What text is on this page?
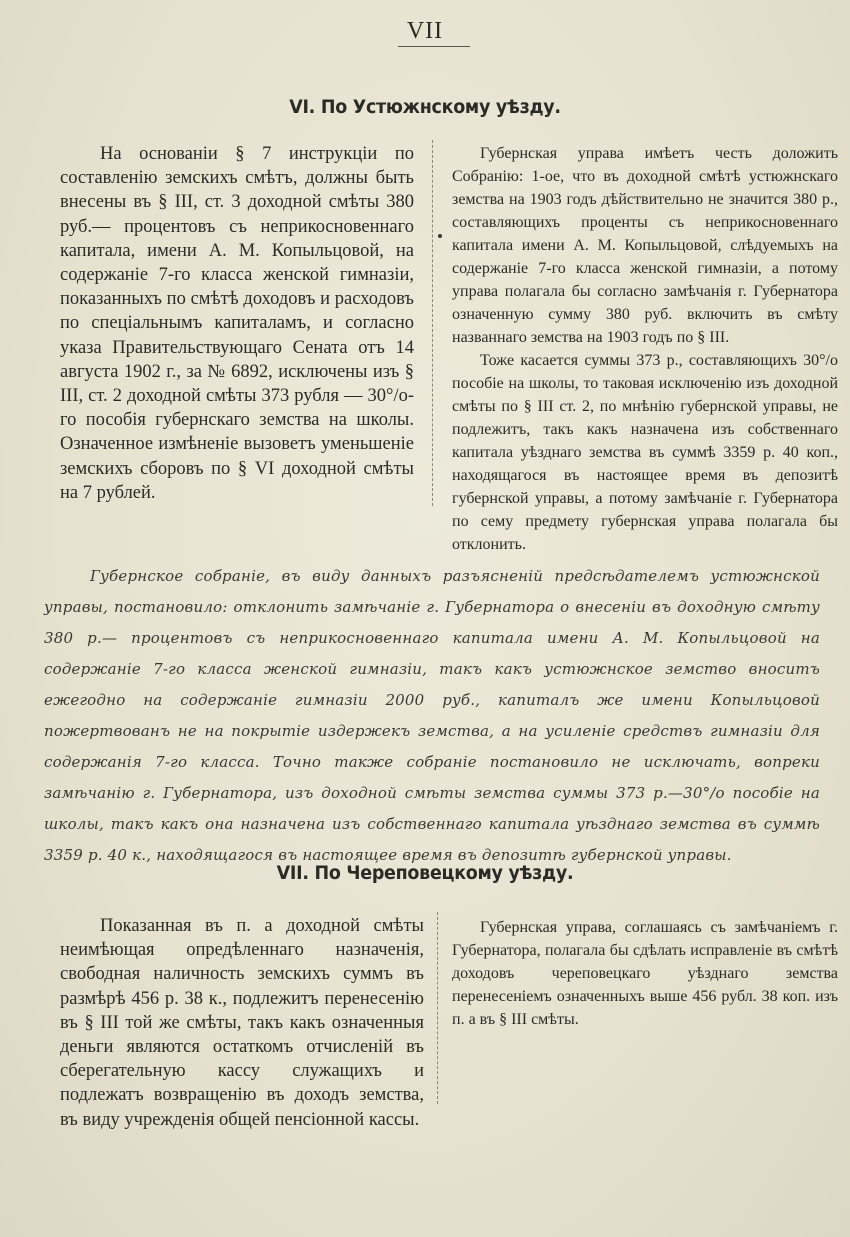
VII
VI. По Устюжнскому уѣзду.

На основаніи § 7 инструкціи по составленію земскихъ смѣтъ, должны быть внесены въ § III, ст. 3 доходной смѣты 380 руб.— процентовъ съ неприкосновеннаго капитала, имени А. М. Копыльцовой, на содержаніе 7-го класса женской гимназіи, показанныхъ по смѣтѣ доходовъ и расходовъ по спеціальнымъ капиталамъ, и согласно указа Правительствующаго Сената отъ 14 августа 1902 г., за № 6892, исключены изъ § III, ст. 2 доходной смѣты 373 рубля — 30°/о-го пособія губернскаго земства на школы. Означенное измѣненіе вызоветъ уменьшеніе земскихъ сборовъ по § VI доходной смѣты на 7 рублей.

Губернская управа имѣетъ честь доложить Собранію: 1-ое, что въ доходной смѣтѣ устюжнскаго земства на 1903 годъ дѣйствительно не значится 380 р., составляющихъ проценты съ неприкосновеннаго капитала имени А. М. Копыльцовой, слѣдуемыхъ на содержаніе 7-го класса женской гимназіи, а потому управа полагала бы согласно замѣчанія г. Губернатора означенную сумму 380 руб. включить въ смѣту названнаго земства на 1903 годъ по § III.

Тоже касается суммы 373 р., составляющихъ 30°/о пособіе на школы, то таковая исключенію изъ доходной смѣты по § III ст. 2, по мнѣнію губернской управы, не подлежитъ, такъ какъ назначена изъ собственнаго капитала уѣзднаго земства въ суммѣ 3359 р. 40 коп., находящагося въ настоящее время въ депозитѣ губернской управы, а потому замѣчаніе г. Губернатора по сему предмету губернская управа полагала бы отклонить.

Губернское собраніе, въ виду данныхъ разъясненій предсѣдателемъ устюжнской управы, постановило: отклонить замѣчаніе г. Губернатора о внесеніи въ доходную смѣту 380 р.— процентовъ съ неприкосновеннаго капитала имени А. М. Копыльцовой на содержаніе 7-го класса женской гимназіи, такъ какъ устюжнское земство вноситъ ежегодно на содержаніе гимназіи 2000 руб., капиталъ же имени Копыльцовой пожертвованъ не на покрытіе издержекъ земства, а на усиленіе средствъ гимназіи для содержанія 7-го класса. Точно также собраніе постановило не исключать, вопреки замѣчанію г. Губернатора, изъ доходной смѣты земства суммы 373 р.—30°/о пособіе на школы, такъ какъ она назначена изъ собственнаго капитала уѣзднаго земства въ суммѣ 3359 р. 40 к., находящагося въ настоящее время въ депозитѣ губернской управы.

VII. По Череповецкому уѣзду.

Показанная въ п. а доходной смѣты неимѣющая опредѣленнаго назначенія, свободная наличность земскихъ суммъ въ размѣрѣ 456 р. 38 к., подлежитъ перенесенію въ § III той же смѣты, такъ какъ означенныя деньги являются остаткомъ отчисленій въ сберегательную кассу служащихъ и подлежатъ возвращенію въ доходъ земства, въ виду учрежденія общей пенсіонной кассы.

Губернская управа, соглашаясь съ замѣчаніемъ г. Губернатора, полагала бы сдѣлать исправленіе въ смѣтѣ доходовъ череповецкаго уѣзднаго земства перенесеніемъ означенныхъ выше 456 рубл. 38 коп. изъ п. а въ § III смѣты.
